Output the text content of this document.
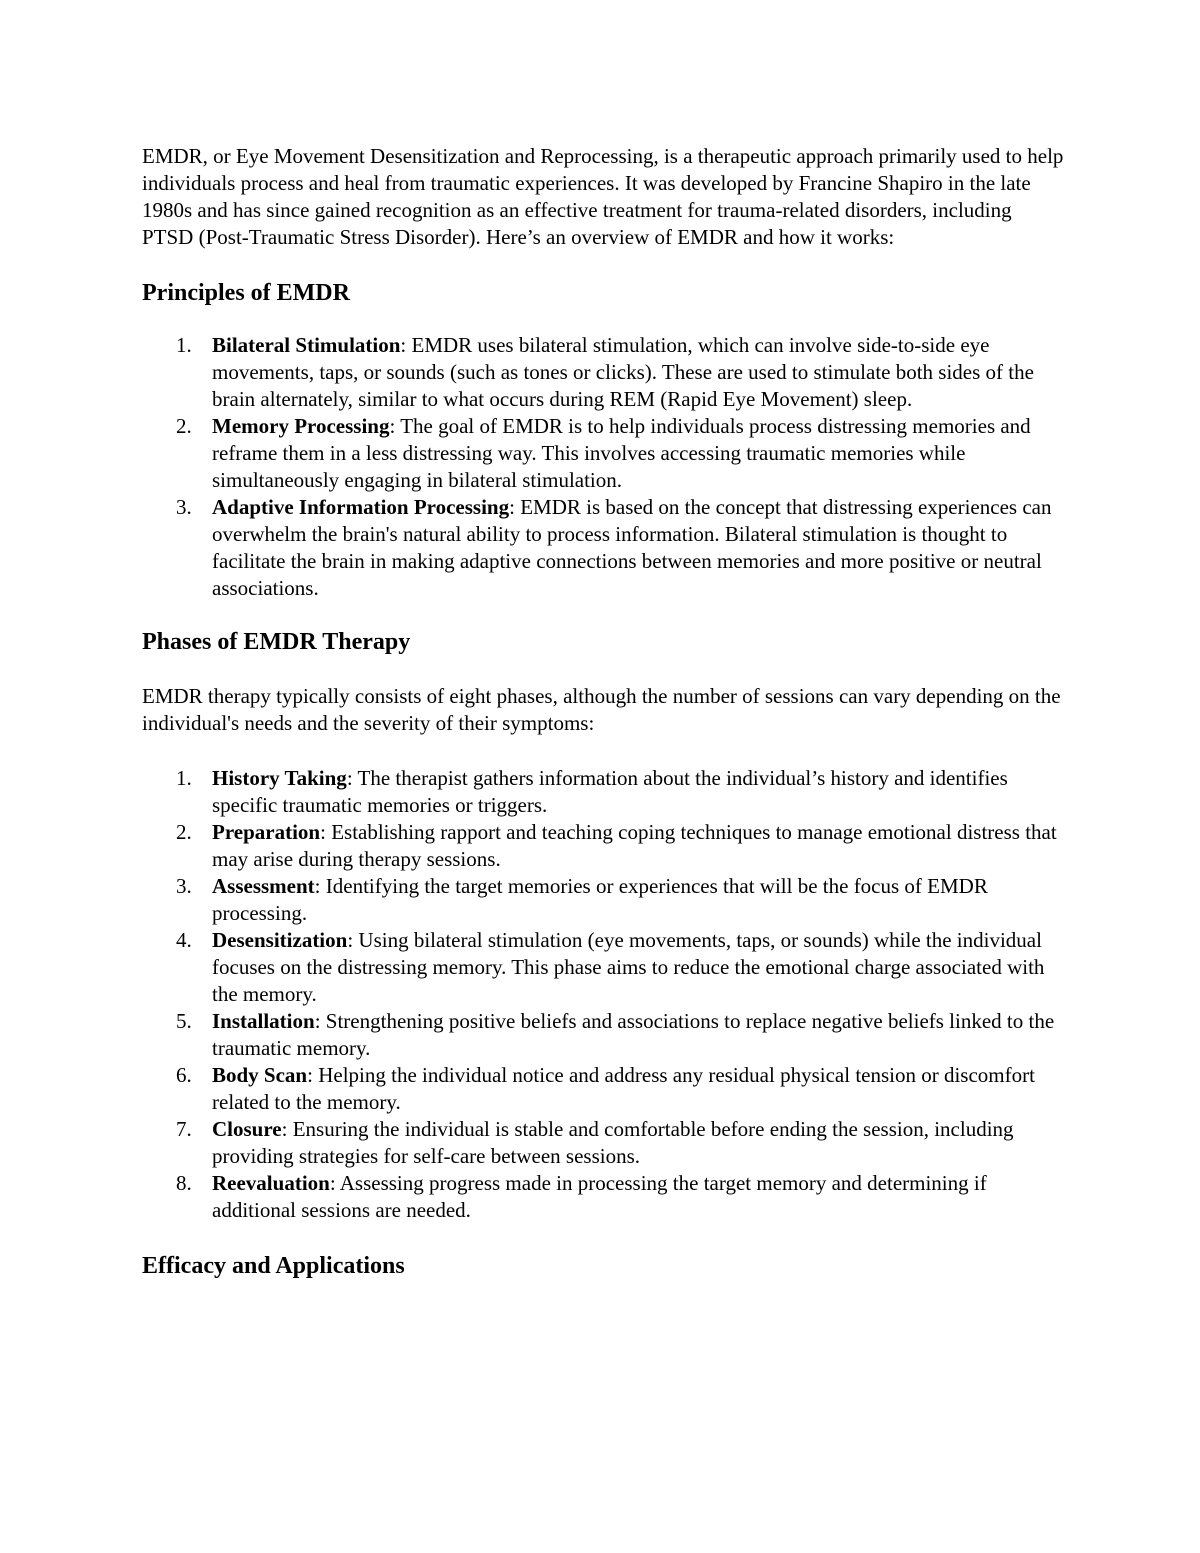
EMDR, or Eye Movement Desensitization and Reprocessing, is a therapeutic approach primarily used to help individuals process and heal from traumatic experiences. It was developed by Francine Shapiro in the late 1980s and has since gained recognition as an effective treatment for trauma-related disorders, including PTSD (Post-Traumatic Stress Disorder). Here’s an overview of EMDR and how it works:

Principles of EMDR
1. Bilateral Stimulation: EMDR uses bilateral stimulation, which can involve side-to-side eye movements, taps, or sounds (such as tones or clicks). These are used to stimulate both sides of the brain alternately, similar to what occurs during REM (Rapid Eye Movement) sleep.
2. Memory Processing: The goal of EMDR is to help individuals process distressing memories and reframe them in a less distressing way. This involves accessing traumatic memories while simultaneously engaging in bilateral stimulation.
3. Adaptive Information Processing: EMDR is based on the concept that distressing experiences can overwhelm the brain's natural ability to process information. Bilateral stimulation is thought to facilitate the brain in making adaptive connections between memories and more positive or neutral associations.
Phases of EMDR Therapy

EMDR therapy typically consists of eight phases, although the number of sessions can vary depending on the individual's needs and the severity of their symptoms:

1. History Taking: The therapist gathers information about the individual’s history and identifies specific traumatic memories or triggers.
2. Preparation: Establishing rapport and teaching coping techniques to manage emotional distress that may arise during therapy sessions.
3. Assessment: Identifying the target memories or experiences that will be the focus of EMDR processing.
4. Desensitization: Using bilateral stimulation (eye movements, taps, or sounds) while the individual focuses on the distressing memory. This phase aims to reduce the emotional charge associated with the memory.
5. Installation: Strengthening positive beliefs and associations to replace negative beliefs linked to the traumatic memory.
6. Body Scan: Helping the individual notice and address any residual physical tension or discomfort related to the memory.
7. Closure: Ensuring the individual is stable and comfortable before ending the session, including providing strategies for self-care between sessions.
8. Reevaluation: Assessing progress made in processing the target memory and determining if additional sessions are needed.
Efficacy and Applications
